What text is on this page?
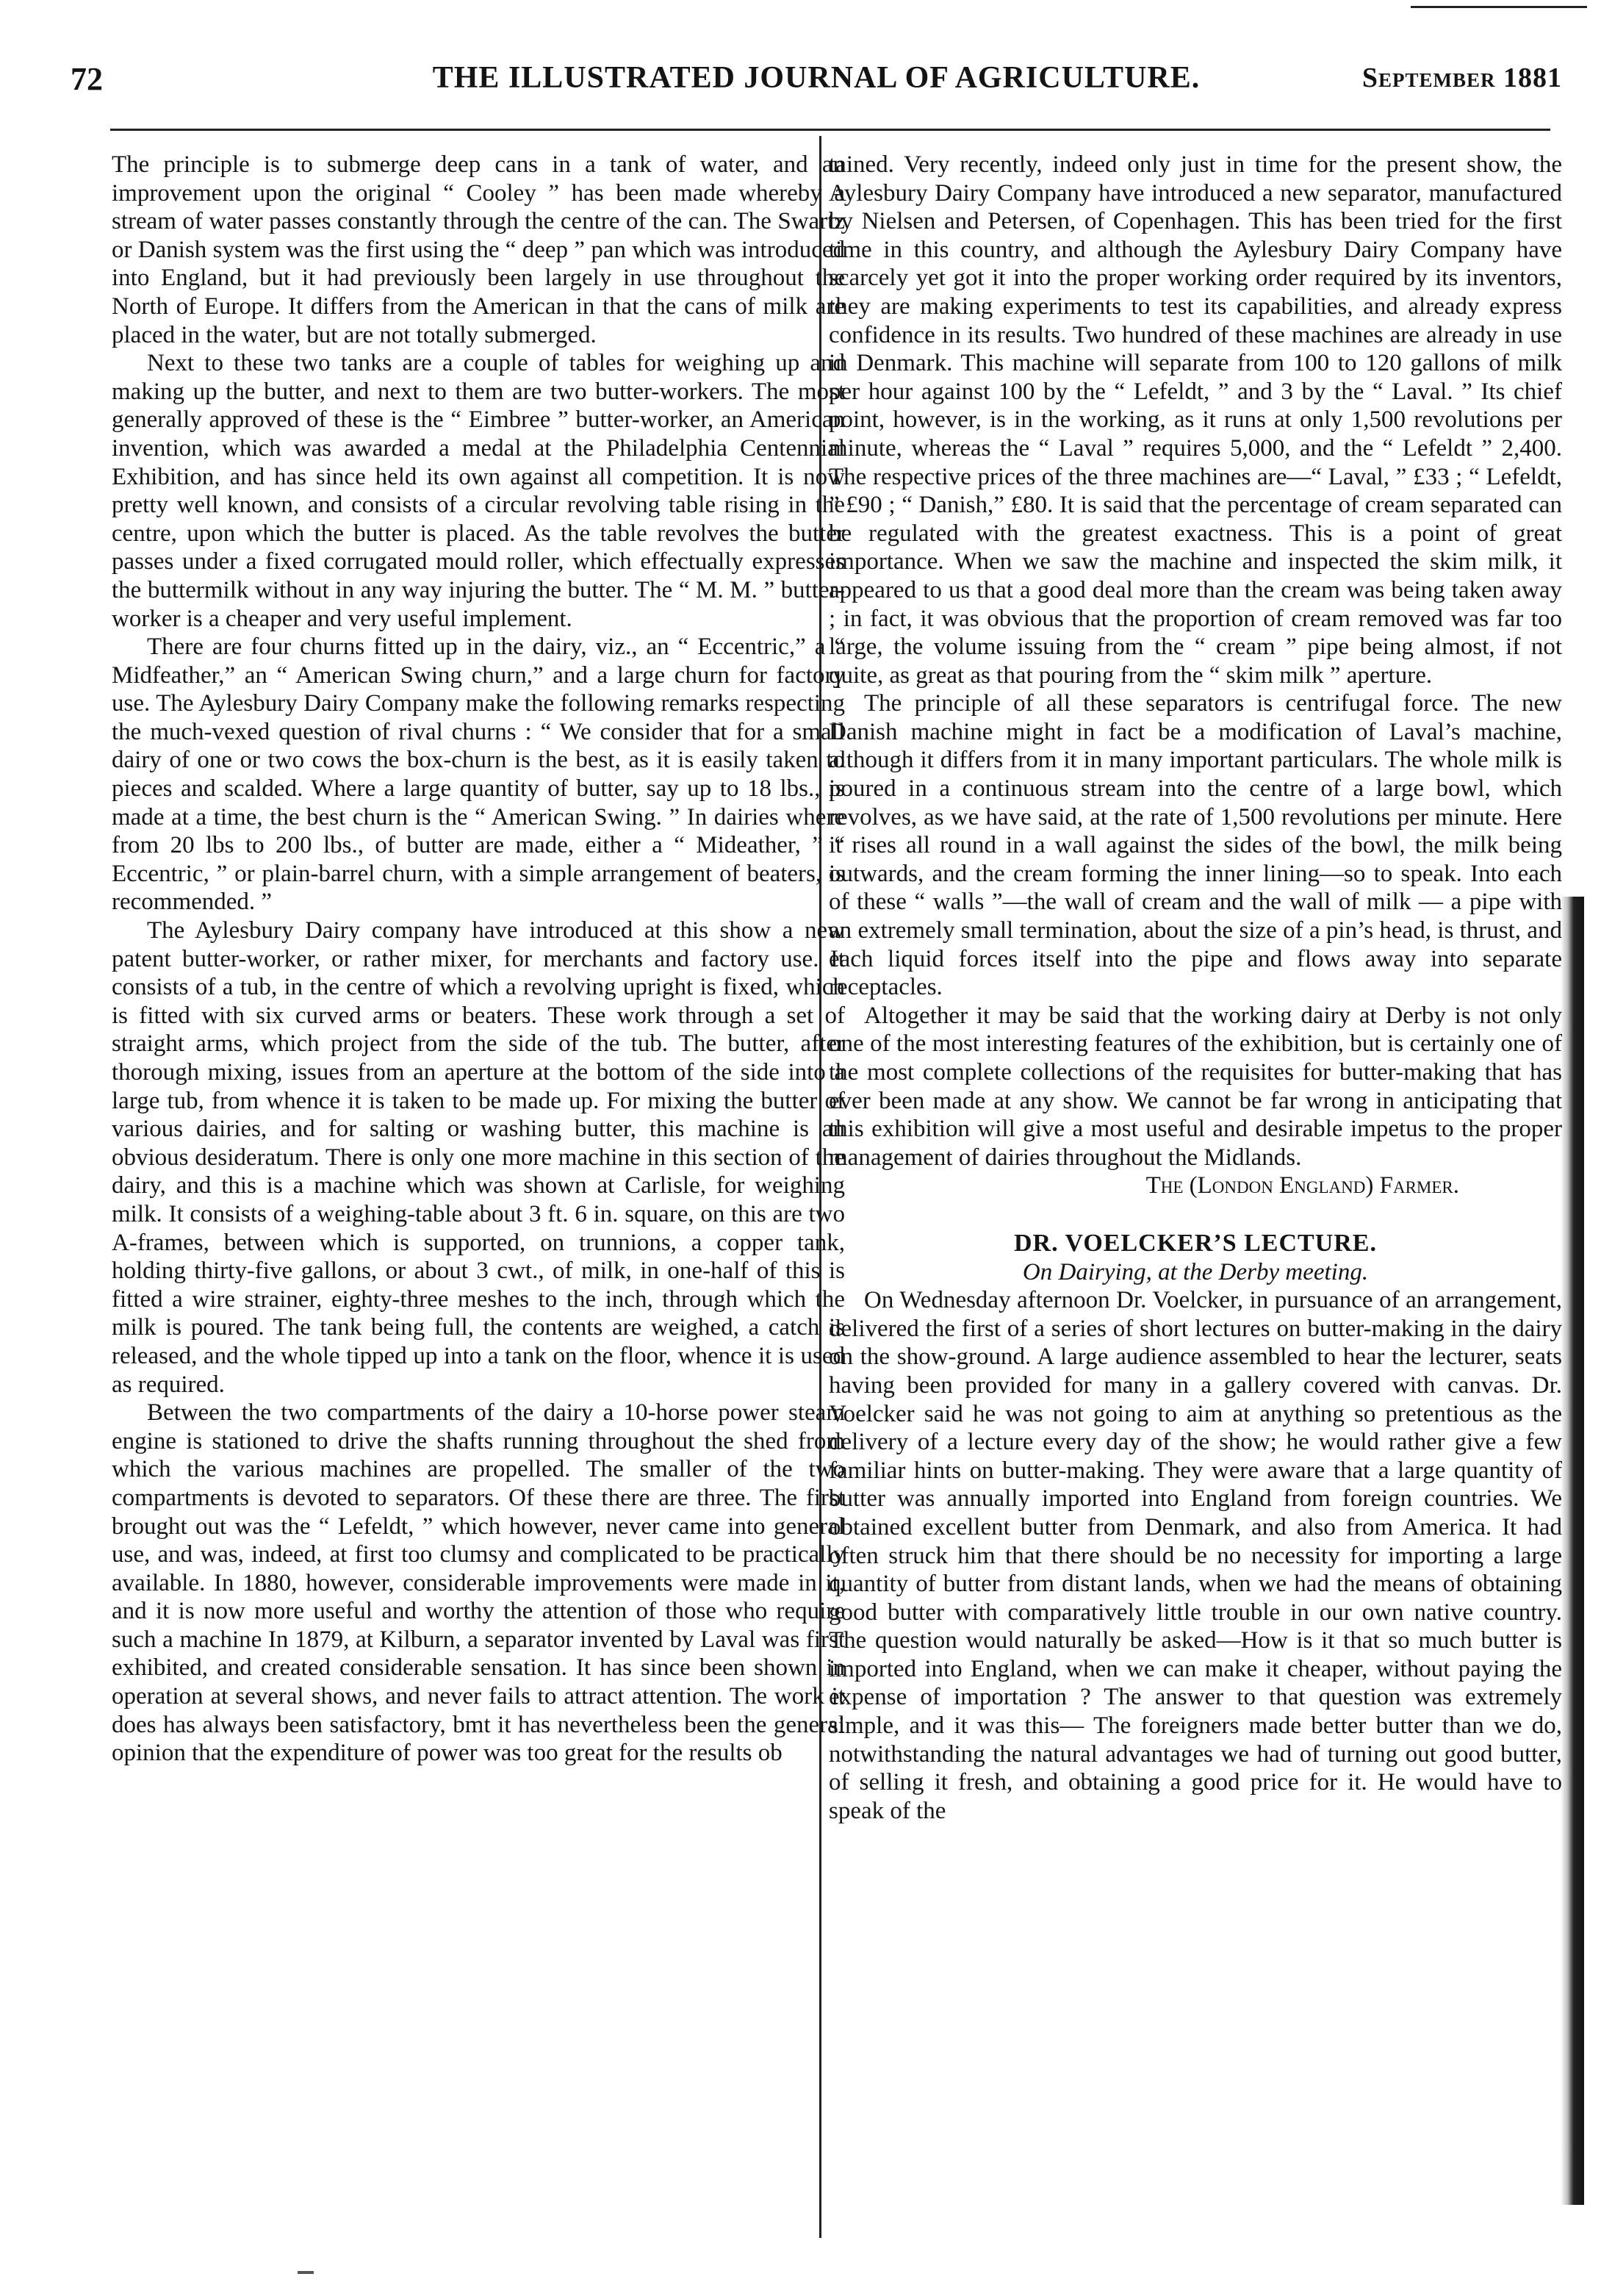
72	THE ILLUSTRATED JOURNAL OF AGRICULTURE.	September 1881

The principle is to submerge deep cans in a tank of water, and an improvement upon the original “ Cooley ” has been made whereby a stream of water passes constantly through the centre of the can. The Swartz or Danish system was the first using the “ deep ” pan which was introduced into England, but it had previously been largely in use throughout the North of Europe. It differs from the American in that the cans of milk are placed in the water, but are not totally submerged.

Next to these two tanks are a couple of tables for weighing up and making up the butter, and next to them are two butter-workers. The most generally approved of these is the “ Eimbree ” butter-worker, an American invention, which was awarded a medal at the Philadelphia Centennial Exhibition, and has since held its own against all competition. It is now pretty well known, and consists of a circular revolving table rising in the centre, upon which the butter is placed. As the table revolves the butter passes under a fixed corrugated mould roller, which effectually expresses the buttermilk without in any way injuring the butter. The “ M. M. ” butter-worker is a cheaper and very useful implement.

There are four churns fitted up in the dairy, viz., an “ Eccentric,” a “ Midfeather,” an “ American Swing churn,” and a large churn for factory use. The Aylesbury Dairy Company make the following remarks respecting the much-vexed question of rival churns : “ We consider that for a small dairy of one or two cows the box-churn is the best, as it is easily taken to pieces and scalded. Where a large quantity of butter, say up to 18 lbs., is made at a time, the best churn is the “ American Swing. ” In dairies where from 20 lbs to 200 lbs., of butter are made, either a “ Mideather, ” “ Eccentric, ” or plain-barrel churn, with a simple arrangement of beaters, is recommended. ”

The Aylesbury Dairy company have introduced at this show a new patent butter-worker, or rather mixer, for merchants and factory use. It consists of a tub, in the centre of which a revolving upright is fixed, which is fitted with six curved arms or beaters. These work through a set of straight arms, which project from the side of the tub. The butter, after thorough mixing, issues from an aperture at the bottom of the side into a large tub, from whence it is taken to be made up. For mixing the butter of various dairies, and for salting or washing butter, this machine is an obvious desideratum. There is only one more machine in this section of the dairy, and this is a machine which was shown at Carlisle, for weighing milk. It consists of a weighing-table about 3 ft. 6 in. square, on this are two A-frames, between which is supported, on trunnions, a copper tank, holding thirty-five gallons, or about 3 cwt., of milk, in one-half of this is fitted a wire strainer, eighty-three meshes to the inch, through which the milk is poured. The tank being full, the contents are weighed, a catch is released, and the whole tipped up into a tank on the floor, whence it is used as required.

Between the two compartments of the dairy a 10-horse power steam engine is stationed to drive the shafts running throughout the shed from which the various machines are propelled. The smaller of the two compartments is devoted to separators. Of these there are three. The first brought out was the “ Lefeldt, ” which however, never came into general use, and was, indeed, at first too clumsy and complicated to be practically available. In 1880, however, considerable improvements were made in it, and it is now more useful and worthy the attention of those who require such a machine In 1879, at Kilburn, a separator invented by Laval was first exhibited, and created considerable sensation. It has since been shown in operation at several shows, and never fails to attract attention. The work it does has always been satisfactory, bmt it has nevertheless been the general opinion that the expenditure of power was too great for the results ob

tained. Very recently, indeed only just in time for the present show, the Aylesbury Dairy Company have introduced a new separator, manufactured by Nielsen and Petersen, of Copenhagen. This has been tried for the first time in this country, and although the Aylesbury Dairy Company have scarcely yet got it into the proper working order required by its inventors, they are making experiments to test its capabilities, and already express confidence in its results. Two hundred of these machines are already in use in Denmark. This machine will separate from 100 to 120 gallons of milk per hour against 100 by the “ Lefeldt, ” and 3 by the “ Laval. ” Its chief point, however, is in the working, as it runs at only 1,500 revolutions per minute, whereas the “ Laval ” requires 5,000, and the “ Lefeldt ” 2,400. The respective prices of the three machines are—“ Laval, ” £33 ; “ Lefeldt, ” £90 ; “ Danish,” £80. It is said that the percentage of cream separated can be regulated with the greatest exactness. This is a point of great importance. When we saw the machine and inspected the skim milk, it appeared to us that a good deal more than the cream was being taken away ; in fact, it was obvious that the proportion of cream removed was far too large, the volume issuing from the “ cream ” pipe being almost, if not quite, as great as that pouring from the “ skim milk ” aperture.

The principle of all these separators is centrifugal force. The new Danish machine might in fact be a modification of Laval’s machine, although it differs from it in many important particulars. The whole milk is poured in a continuous stream into the centre of a large bowl, which revolves, as we have said, at the rate of 1,500 revolutions per minute. Here it rises all round in a wall against the sides of the bowl, the milk being outwards, and the cream forming the inner lining—so to speak. Into each of these “ walls ”—the wall of cream and the wall of milk — a pipe with an extremely small termination, about the size of a pin’s head, is thrust, and each liquid forces itself into the pipe and flows away into separate receptacles.

Altogether it may be said that the working dairy at Derby is not only one of the most interesting features of the exhibition, but is certainly one of the most complete collections of the requisites for butter-making that has ever been made at any show. We cannot be far wrong in anticipating that this exhibition will give a most useful and desirable impetus to the proper management of dairies throughout the Midlands.

The (London England) Farmer.

DR. VOELCKER’S LECTURE.
On Dairying, at the Derby meeting.

On Wednesday afternoon Dr. Voelcker, in pursuance of an arrangement, delivered the first of a series of short lectures on butter-making in the dairy on the show-ground. A large audience assembled to hear the lecturer, seats having been provided for many in a gallery covered with canvas. Dr. Voelcker said he was not going to aim at anything so pretentious as the delivery of a lecture every day of the show; he would rather give a few familiar hints on butter-making. They were aware that a large quantity of butter was annually imported into England from foreign countries. We obtained excellent butter from Denmark, and also from America. It had often struck him that there should be no necessity for importing a large quantity of butter from distant lands, when we had the means of obtaining good butter with comparatively little trouble in our own native country. The question would naturally be asked—How is it that so much butter is imported into England, when we can make it cheaper, without paying the expense of importation ? The answer to that question was extremely simple, and it was this— The foreigners made better butter than we do, notwithstanding the natural advantages we had of turning out good butter, of selling it fresh, and obtaining a good price for it. He would have to speak of the
